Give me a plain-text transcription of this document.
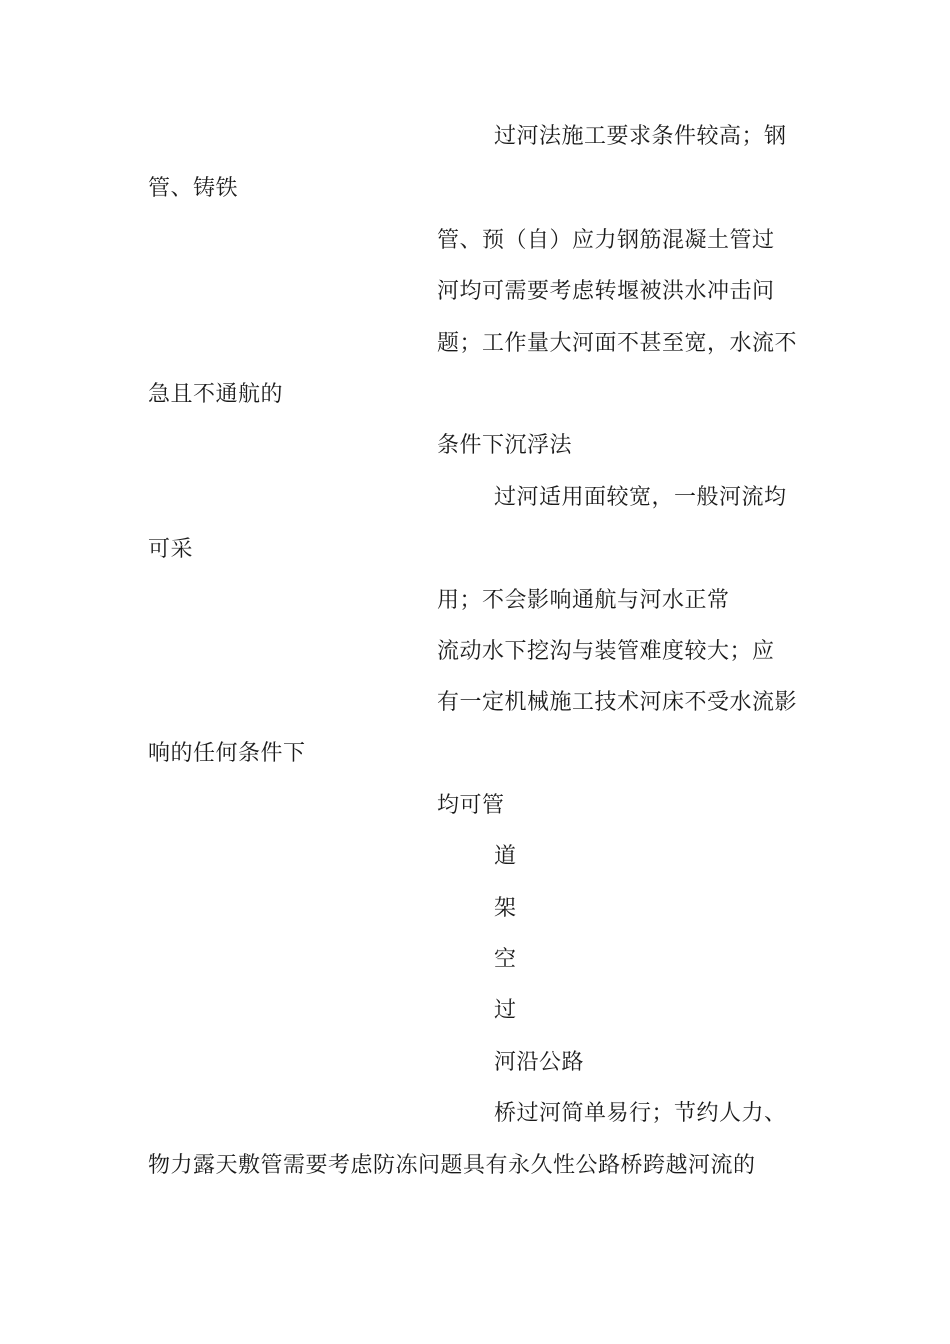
过河法施工要求条件较高；钢
管、铸铁
管、预（自）应力钢筋混凝土管过
河均可需要考虑转堰被洪水冲击问
题；工作量大河面不甚至宽，水流不
急且不通航的
条件下沉浮法
过河适用面较宽，一般河流均
可采
用；不会影响通航与河水正常
流动水下挖沟与装管难度较大；应
有一定机械施工技术河床不受水流影
响的任何条件下
均可管
道
架
空
过
河沿公路
桥过河简单易行；节约人力、
物力露天敷管需要考虑防冻问题具有永久性公路桥跨越河流的
